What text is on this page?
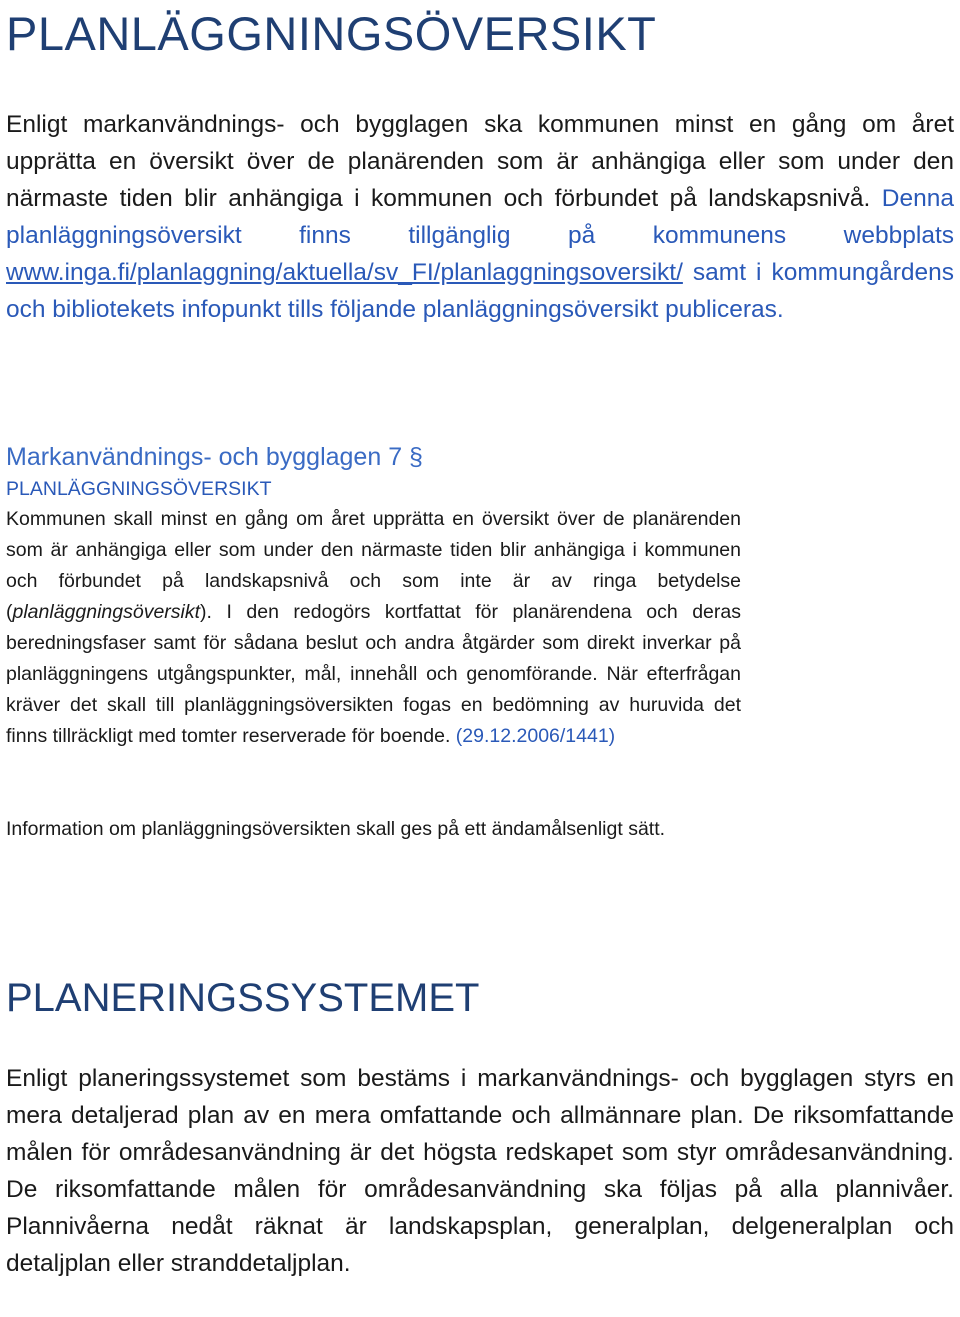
PLANLÄGGNINGSÖVERSIKT

Enligt markanvändnings- och bygglagen ska kommunen minst en gång om året upprätta en översikt över de planärenden som är anhängiga eller som under den närmaste tiden blir anhängiga i kommunen och förbundet på landskapsnivå. Denna planläggningsöversikt finns tillgänglig på kommunens webbplats www.inga.fi/planlaggning/aktuella/sv_FI/planlaggningsoversikt/ samt i kommungårdens och bibliotekets infopunkt tills följande planläggningsöversikt publiceras.

Markanvändnings- och bygglagen 7 §

PLANLÄGGNINGSÖVERSIKT

Kommunen skall minst en gång om året upprätta en översikt över de planärenden som är anhängiga eller som under den närmaste tiden blir anhängiga i kommunen och förbundet på landskapsnivå och som inte är av ringa betydelse (planläggningsöversikt). I den redogörs kortfattat för planärendena och deras beredningsfaser samt för sådana beslut och andra åtgärder som direkt inverkar på planläggningens utgångspunkter, mål, innehåll och genomförande. När efterfrågan kräver det skall till planläggningsöversikten fogas en bedömning av huruvida det finns tillräckligt med tomter reserverade för boende. (29.12.2006/1441)

Information om planläggningsöversikten skall ges på ett ändamålsenligt sätt.

PLANERINGSSYSTEMET

Enligt planeringssystemet som bestäms i markanvändnings- och bygglagen styrs en mera detaljerad plan av en mera omfattande och allmännare plan. De riksomfattande målen för områdesanvändning är det högsta redskapet som styr områdesanvändning. De riksomfattande målen för områdesanvändning ska följas på alla plannivåer. Plannivåerna nedåt räknat är landskapsplan, generalplan, delgeneralplan och detaljplan eller stranddetaljplan.
